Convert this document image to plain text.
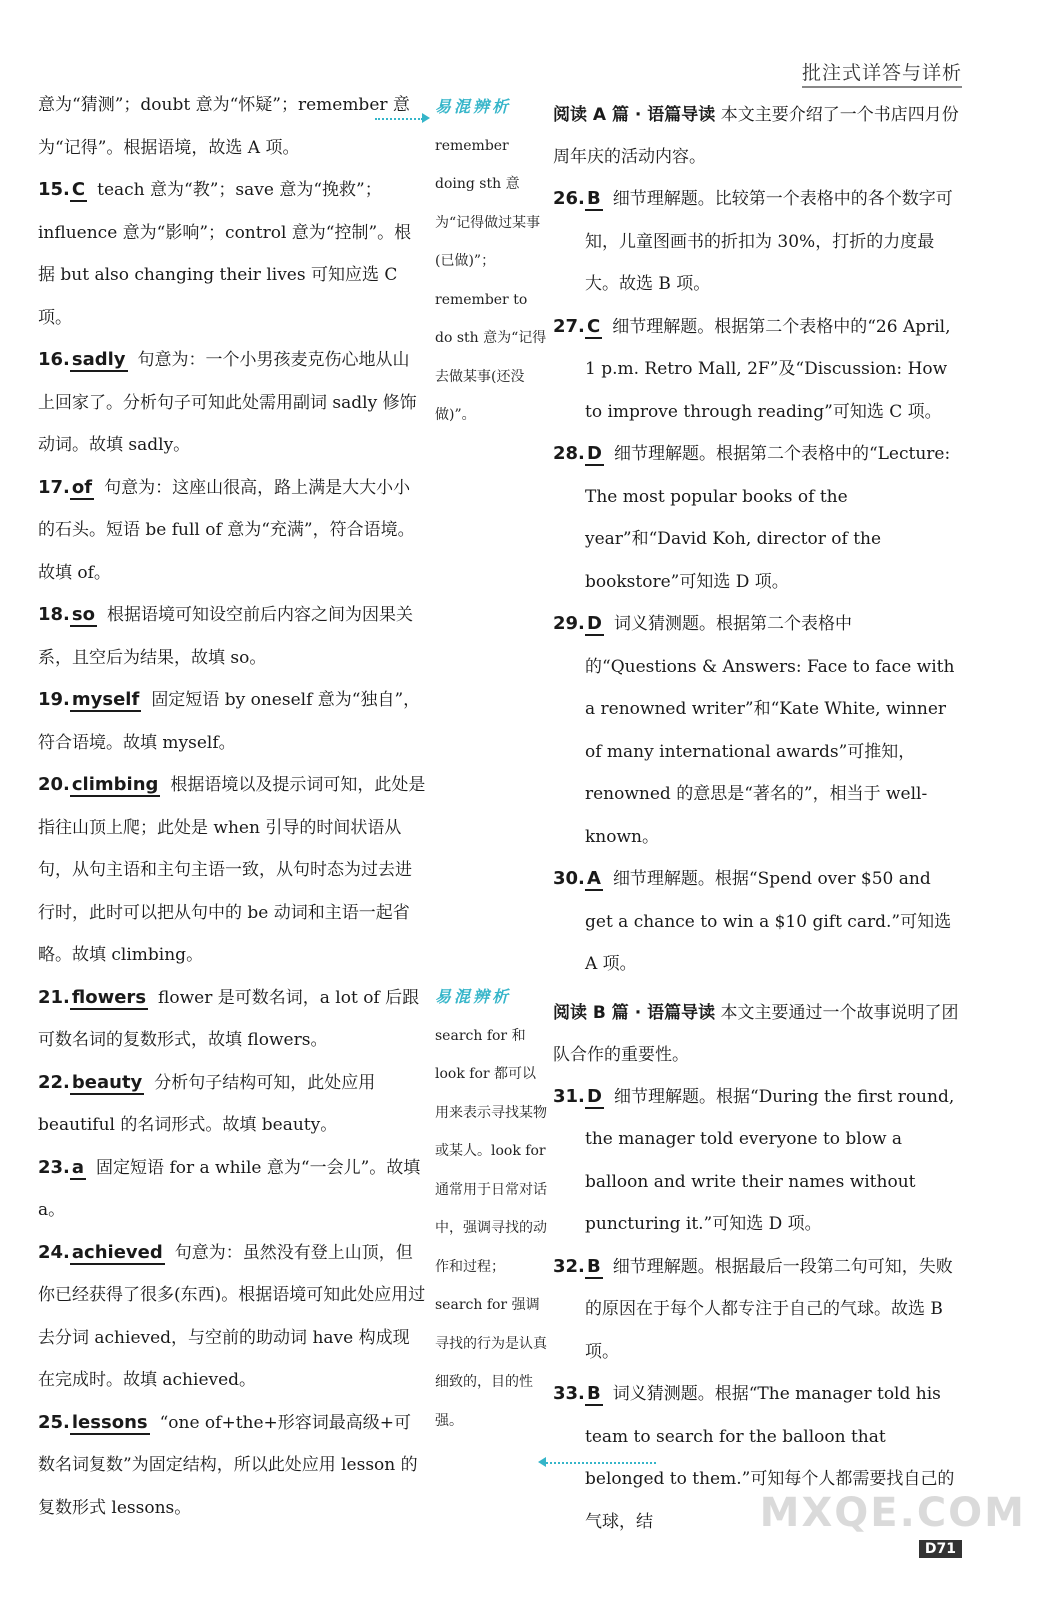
批注式详答与详析
意为“猜测”；doubt 意为“怀疑”；remember 意为“记得”。根据语境，故选 A 项。
15. C teach 意为“教”；save 意为“挽救”；influence 意为“影响”；control 意为“控制”。根据 but also changing their lives 可知应选 C 项。
16. sadly 句意为：一个小男孩麦克伤心地从山上回家了。分析句子可知此处需用副词 sadly 修饰动词。故填 sadly。
17. of 句意为：这座山很高，路上满是大大小小的石头。短语 be full of 意为“充满”，符合语境。故填 of。
18. so 根据语境可知设空前后内容之间为因果关系，且空后为结果，故填 so。
19. myself 固定短语 by oneself 意为“独自”，符合语境。故填 myself。
20. climbing 根据语境以及提示词可知，此处是指往山顶上爬；此处是 when 引导的时间状语从句，从句主语和主句主语一致，从句时态为过去进行时，此时可以把从句中的 be 动词和主语一起省略。故填 climbing。
21. flowers flower 是可数名词，a lot of 后跟可数名词的复数形式，故填 flowers。
22. beauty 分析句子结构可知，此处应用 beautiful 的名词形式。故填 beauty。
23. a 固定短语 for a while 意为“一会儿”。故填 a。
24. achieved 句意为：虽然没有登上山顶，但你已经获得了很多(东西)。根据语境可知此处应用过去分词 achieved，与空前的助动词 have 构成现在完成时。故填 achieved。
25. lessons “one of+the+形容词最高级+可数名词复数”为固定结构，所以此处应用 lesson 的复数形式 lessons。
易混辨析
remember doing sth 意为“记得做过某事(已做)”；remember to do sth 意为“记得去做某事(还没做)”。
易混辨析
search for 和 look for 都可以用来表示寻找某物或某人。look for 通常用于日常对话中，强调寻找的动作和过程；search for 强调寻找的行为是认真细致的，目的性强。
阅读 A 篇 · 语篇导读 本文主要介绍了一个书店四月份周年庆的活动内容。
26. B 细节理解题。比较第一个表格中的各个数字可知，儿童图画书的折扣为 30%，打折的力度最大。故选 B 项。
27. C 细节理解题。根据第二个表格中的“26 April, 1 p.m. Retro Mall, 2F”及“Discussion: How to improve through reading”可知选 C 项。
28. D 细节理解题。根据第二个表格中的“Lecture: The most popular books of the year”和“David Koh, director of the bookstore”可知选 D 项。
29. D 词义猜测题。根据第二个表格中的“Questions & Answers: Face to face with a renowned writer”和“Kate White, winner of many international awards”可推知，renowned 的意思是“著名的”，相当于 well-known。
30. A 细节理解题。根据“Spend over $50 and get a chance to win a $10 gift card.”可知选 A 项。
阅读 B 篇 · 语篇导读 本文主要通过一个故事说明了团队合作的重要性。
31. D 细节理解题。根据“During the first round, the manager told everyone to blow a balloon and write their names without puncturing it.”可知选 D 项。
32. B 细节理解题。根据最后一段第二句可知，失败的原因在于每个人都专注于自己的气球。故选 B 项。
33. B 词义猜测题。根据“The manager told his team to search for the balloon that belonged to them.”可知每个人都需要找自己的气球，结	MXQE.COM
D71
